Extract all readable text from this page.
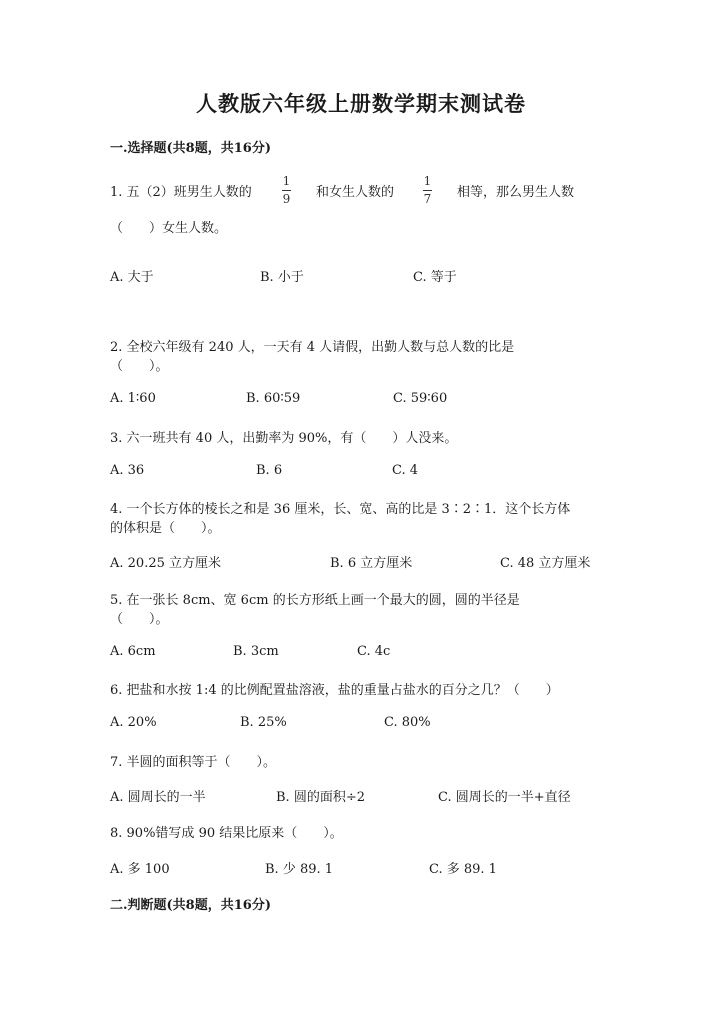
人教版六年级上册数学期末测试卷
一.选择题(共8题，共16分)
1. 五（2）班男生人数的
1
9 和女生人数的
1
7 相等，那么男生人数
（　　）女生人数。
A. 大于	B. 小于	C. 等于
2. 全校六年级有 240 人，一天有 4 人请假，出勤人数与总人数的比是
（　　）。
A. 1∶60	B. 60∶59	C. 59∶60
3. 六一班共有 40 人，出勤率为 90%，有（　　）人没来。
A. 36	B. 6	C. 4
4. 一个长方体的棱长之和是 36 厘米，长、宽、高的比是 3∶2∶1．这个长方体
的体积是（　　）。
A. 20.25 立方厘米	B. 6 立方厘米	C. 48 立方厘米
5. 在一张长 8cm、宽 6cm 的长方形纸上画一个最大的圆，圆的半径是
（　　）。
A. 6cm	B. 3cm	C. 4c
6. 把盐和水按 1:4 的比例配置盐溶液，盐的重量占盐水的百分之几？（　　）
A. 20%	B. 25%	C. 80%
7. 半圆的面积等于（　　）。
A. 圆周长的一半	B. 圆的面积÷2	C. 圆周长的一半+直径
8. 90%错写成 90 结果比原来（　　）。
A. 多 100	B. 少 89. 1	C. 多 89. 1
二.判断题(共8题，共16分)
